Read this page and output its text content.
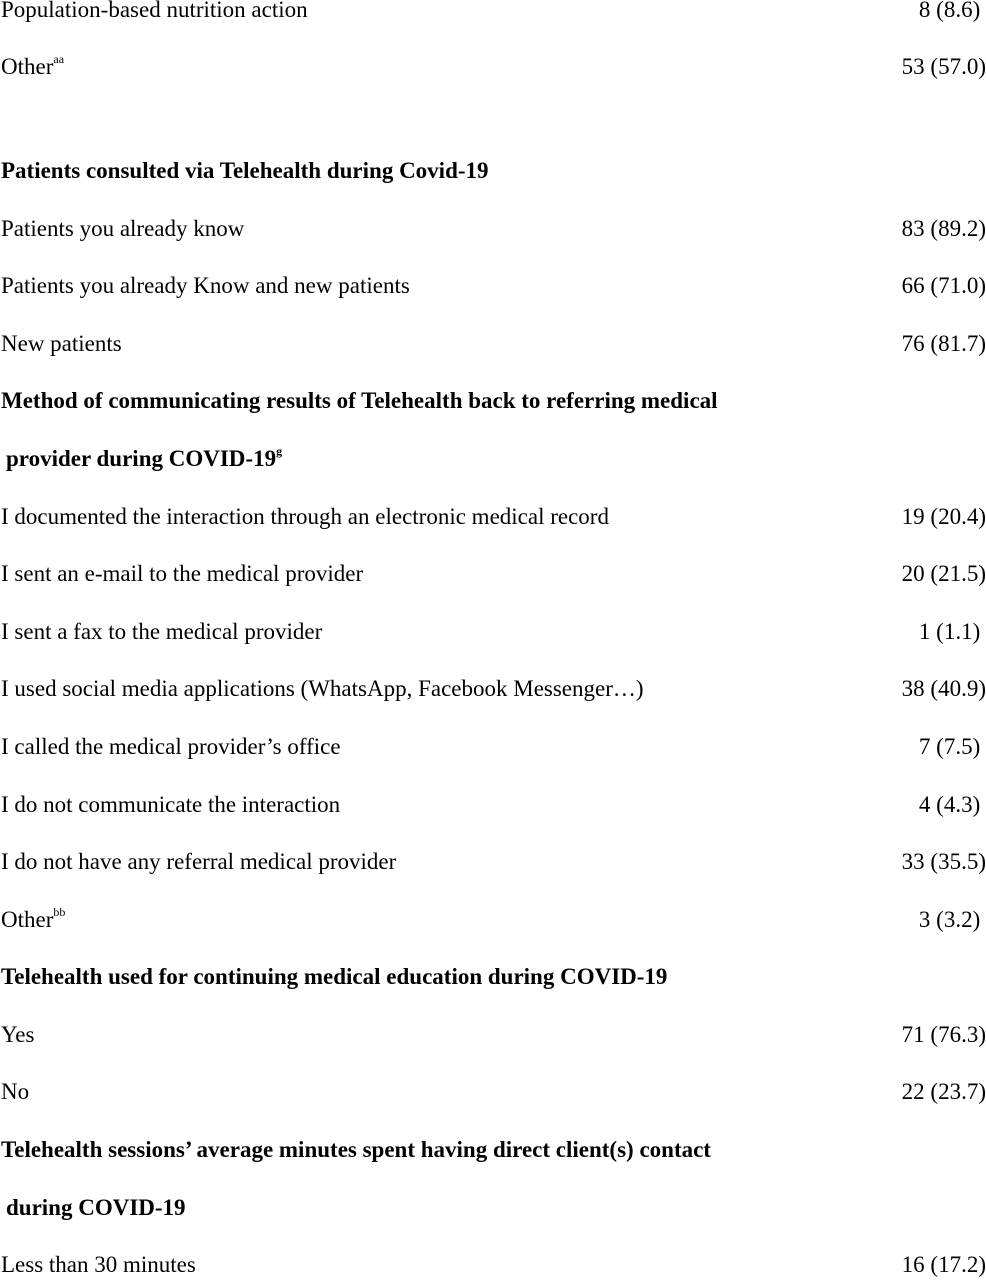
Population-based nutrition action	8 (8.6)
Other$^{aa}$	53 (57.0)
Patients consulted via Telehealth during Covid-19
Patients you already know	83 (89.2)
Patients you already Know and new patients	66 (71.0)
New patients	76 (81.7)
Method of communicating results of Telehealth back to referring medical
provider during COVID-19$^g$
I documented the interaction through an electronic medical record	19 (20.4)
I sent an e-mail to the medical provider	20 (21.5)
I sent a fax to the medical provider	1 (1.1)
I used social media applications (WhatsApp, Facebook Messenger…)	38 (40.9)
I called the medical provider’s office	7 (7.5)
I do not communicate the interaction	4 (4.3)
I do not have any referral medical provider	33 (35.5)
Other$^{bb}$	3 (3.2)
Telehealth used for continuing medical education during COVID-19
Yes	71 (76.3)
No	22 (23.7)
Telehealth sessions’ average minutes spent having direct client(s) contact
during COVID-19
Less than 30 minutes	16 (17.2)
